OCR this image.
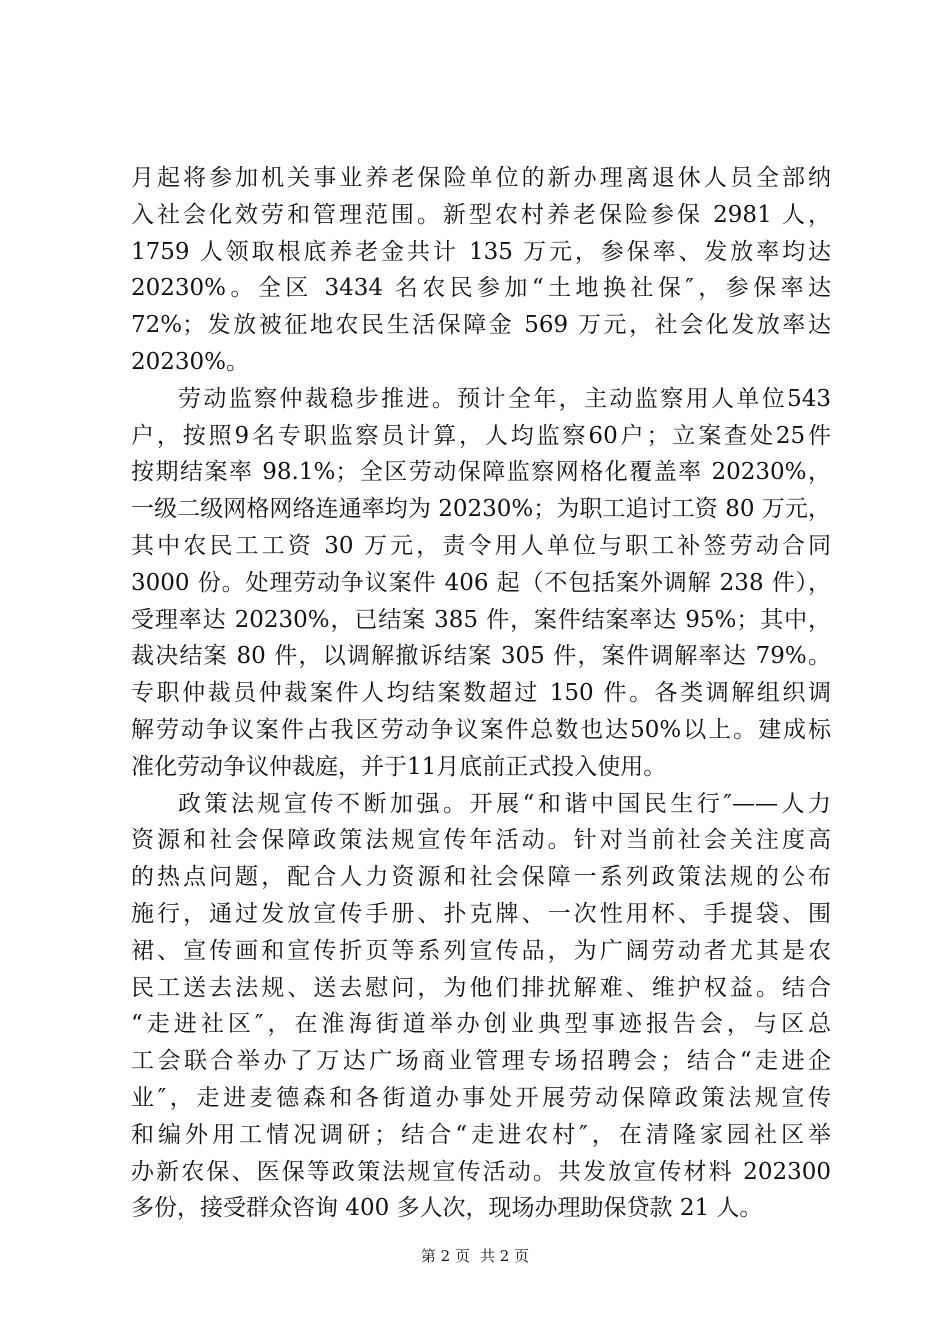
月起将参加机关事业养老保险单位的新办理离退休人员全部纳
入社会化效劳和管理范围。新型农村养老保险参保 2981 人，
1759 人领取根底养老金共计 135 万元，参保率、发放率均达
20230%。全区 3434 名农民参加“土地换社保″，参保率达
72%；发放被征地农民生活保障金 569 万元，社会化发放率达
20230%。
劳动监察仲裁稳步推进。预计全年，主动监察用人单位543
户，按照9名专职监察员计算，人均监察60户；立案查处25件
按期结案率 98.1%；全区劳动保障监察网格化覆盖率 20230%，
一级二级网格网络连通率均为 20230%；为职工追讨工资 80 万元，
其中农民工工资 30 万元，责令用人单位与职工补签劳动合同
3000 份。处理劳动争议案件 406 起（不包括案外调解 238 件），
受理率达 20230%，已结案 385 件，案件结案率达 95%；其中，
裁决结案 80 件，以调解撤诉结案 305 件，案件调解率达 79%。
专职仲裁员仲裁案件人均结案数超过 150 件。各类调解组织调
解劳动争议案件占我区劳动争议案件总数也达50%以上。建成标
准化劳动争议仲裁庭，并于11月底前正式投入使用。
政策法规宣传不断加强。开展“和谐中国民生行″——人力
资源和社会保障政策法规宣传年活动。针对当前社会关注度高
的热点问题，配合人力资源和社会保障一系列政策法规的公布
施行，通过发放宣传手册、扑克牌、一次性用杯、手提袋、围
裙、宣传画和宣传折页等系列宣传品，为广阔劳动者尤其是农
民工送去法规、送去慰问，为他们排扰解难、维护权益。结合
“走进社区″，在淮海街道举办创业典型事迹报告会，与区总
工会联合举办了万达广场商业管理专场招聘会；结合“走进企
业″，走进麦德森和各街道办事处开展劳动保障政策法规宣传
和编外用工情况调研；结合“走进农村″，在清隆家园社区举
办新农保、医保等政策法规宣传活动。共发放宣传材料 202300
多份，接受群众咨询 400 多人次，现场办理助保贷款 21 人。
第 2 页 共 2 页
